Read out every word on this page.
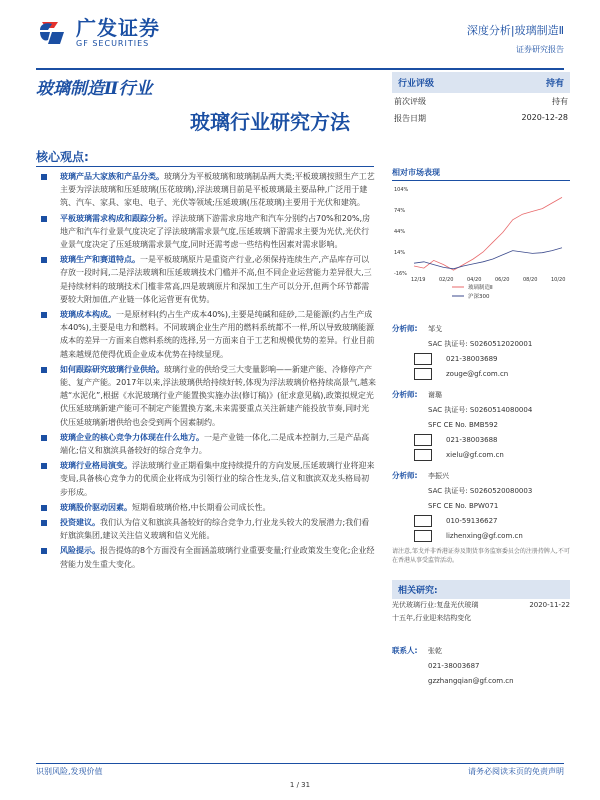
广发证券
GF SECURITIES
深度分析|玻璃制造Ⅱ
证券研究报告
玻璃制造Ⅱ行业
玻璃行业研究方法
核心观点:
玻璃产品大家族和产品分类。玻璃分为平板玻璃和玻璃制品两大类;平板玻璃按照生产工艺主要为浮法玻璃和压延玻璃(压花玻璃),浮法玻璃目前是平板玻璃最主要品种,广泛用于建筑、汽车、家具、家电、电子、光伏等领域;压延玻璃(压花玻璃)主要用于光伏和建筑。
平板玻璃需求构成和跟踪分析。浮法玻璃下游需求房地产和汽车分别约占70%和20%,房地产和汽车行业景气度决定了浮法玻璃需求景气度,压延玻璃下游需求主要为光伏,光伏行业景气度决定了压延玻璃需求景气度,同时还需考虑一些结构性因素对需求影响。
玻璃生产和赛道特点。一是平板玻璃原片是重资产行业,必须保持连续生产,产品库存可以存放一段时间,二是浮法玻璃和压延玻璃技术门槛并不高,但不同企业运营能力差异很大,三是持续材料的玻璃技术门槛非常高,四是玻璃原片和深加工生产可以分开,但两个环节都需要较大附加值,产业链一体化运营更有优势。
玻璃成本构成。一是原材料(约占生产成本40%),主要是纯碱和硅砂,二是能源(约占生产成本40%),主要是电力和燃料。不同玻璃企业生产用的燃料系统都不一样,所以导致玻璃能源成本的差异一方面来自燃料系统的选择,另一方面来自于工艺和规模优势的差异。行业目前越来越规范使得优质企业成本优势在持续显现。
如何跟踪研究玻璃行业供给。玻璃行业的供给受三大变量影响——新建产能、冷修停产产能、复产产能。2017年以来,浮法玻璃供给持续好转,体现为浮法玻璃价格持续高景气,越来越“水泥化”,根据《水泥玻璃行业产能置换实施办法(修订稿)》(征求意见稿),政策拟规定光伏压延玻璃新建产能可不制定产能置换方案,未来需要重点关注新建产能投放节奏,同时光伏压延玻璃新增供给也会受到两个因素制约。
玻璃企业的核心竞争力体现在什么地方。一是产业链一体化,二是成本控制力,三是产品高端化;信义和旗滨具备较好的综合竞争力。
玻璃行业格局演变。浮法玻璃行业正期看集中度持续提升的方向发展,压延玻璃行业将迎来变局,具备核心竞争力的优质企业将成为引领行业的综合性龙头,信义和旗滨双龙头格局初步形成。
玻璃股价驱动因素。短期看玻璃价格,中长期看公司成长性。
投资建议。我们认为信义和旗滨具备较好的综合竞争力,行业龙头较大的发展潜力;我们看好旗滨集团,建议关注信义玻璃和信义光能。
风险提示。报告提炼的8个方面没有全面涵盖玻璃行业重要变量;行业政策发生变化;企业经营能力发生重大变化。
行业评级	持有
前次评级	持有
报告日期	2020-12-28
相对市场表现
104%
74%
44%
14%
-16%
12/19	02/20	04/20	06/20	08/20	10/20
玻璃制造Ⅱ
沪深300
分析师:	邹戈
SAC 执证号: S0260512020001
021-38003689
zouge@gf.com.cn
分析师:	谢璐
SAC 执证号: S0260514080004
SFC CE No. BMB592
021-38003688
xielu@gf.com.cn
分析师:	李振兴
SAC 执证号: S0260520080003
SFC CE No. BPW071
010-59136627
lizhenxing@gf.com.cn
请注意,邹戈并非香港证券及期货事务监察委员会的注册持牌人,不可在香港从事受监管活动。
相关研究:
光伏玻璃行业:复盘光伏玻璃	2020-11-22
十五年,行业迎来结构变化
联系人:	张乾
021-38003687
gzzhangqian@gf.com.cn
识别风险,发现价值	请务必阅读末页的免责声明
1 / 31
